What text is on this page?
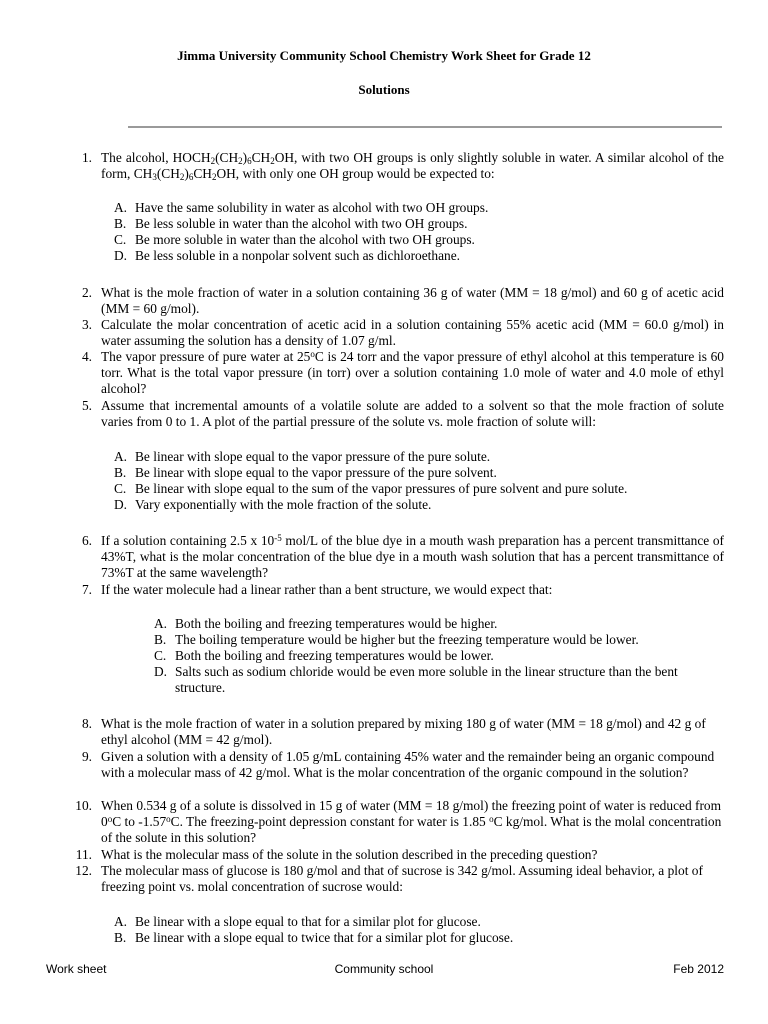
Jimma University Community School Chemistry Work Sheet for Grade 12
Solutions
1. The alcohol, $HOCH_2(CH_2)_6CH_2OH$, with two OH groups is only slightly soluble in water. A similar alcohol of the form, $CH_3(CH_2)_6CH_2OH$, with only one OH group would be expected to:
A. Have the same solubility in water as alcohol with two OH groups.
B. Be less soluble in water than the alcohol with two OH groups.
C. Be more soluble in water than the alcohol with two OH groups.
D. Be less soluble in a nonpolar solvent such as dichloroethane.
2. What is the mole fraction of water in a solution containing 36 g of water (MM = 18 g/mol) and 60 g of acetic acid (MM = 60 g/mol).
3. Calculate the molar concentration of acetic acid in a solution containing 55% acetic acid (MM = 60.0 g/mol) in water assuming the solution has a density of 1.07 g/ml.
4. The vapor pressure of pure water at 25$^o$C is 24 torr and the vapor pressure of ethyl alcohol at this temperature is 60 torr. What is the total vapor pressure (in torr) over a solution containing 1.0 mole of water and 4.0 mole of ethyl alcohol?
5. Assume that incremental amounts of a volatile solute are added to a solvent so that the mole fraction of solute varies from 0 to 1. A plot of the partial pressure of the solute vs. mole fraction of solute will:
A. Be linear with slope equal to the vapor pressure of the pure solute.
B. Be linear with slope equal to the vapor pressure of the pure solvent.
C. Be linear with slope equal to the sum of the vapor pressures of pure solvent and pure solute.
D. Vary exponentially with the mole fraction of the solute.
6. If a solution containing 2.5 x $10^{-5}$ mol/L of the blue dye in a mouth wash preparation has a percent transmittance of 43%T, what is the molar concentration of the blue dye in a mouth wash solution that has a percent transmittance of 73%T at the same wavelength?
7. If the water molecule had a linear rather than a bent structure, we would expect that:
A. Both the boiling and freezing temperatures would be higher.
B. The boiling temperature would be higher but the freezing temperature would be lower.
C. Both the boiling and freezing temperatures would be lower.
D. Salts such as sodium chloride would be even more soluble in the linear structure than the bent structure.
8. What is the mole fraction of water in a solution prepared by mixing 180 g of water (MM = 18 g/mol) and 42 g of ethyl alcohol (MM = 42 g/mol).
9. Given a solution with a density of 1.05 g/mL containing 45% water and the remainder being an organic compound with a molecular mass of 42 g/mol. What is the molar concentration of the organic compound in the solution?
10. When 0.534 g of a solute is dissolved in 15 g of water (MM = 18 g/mol) the freezing point of water is reduced from 0$^o$C to -1.57$^o$C. The freezing-point depression constant for water is 1.85 $^o$C kg/mol. What is the molal concentration of the solute in this solution?
11. What is the molecular mass of the solute in the solution described in the preceding question?
12. The molecular mass of glucose is 180 g/mol and that of sucrose is 342 g/mol. Assuming ideal behavior, a plot of freezing point vs. molal concentration of sucrose would:
A. Be linear with a slope equal to that for a similar plot for glucose.
B. Be linear with a slope equal to twice that for a similar plot for glucose.
Work sheet	Community school	Feb 2012
